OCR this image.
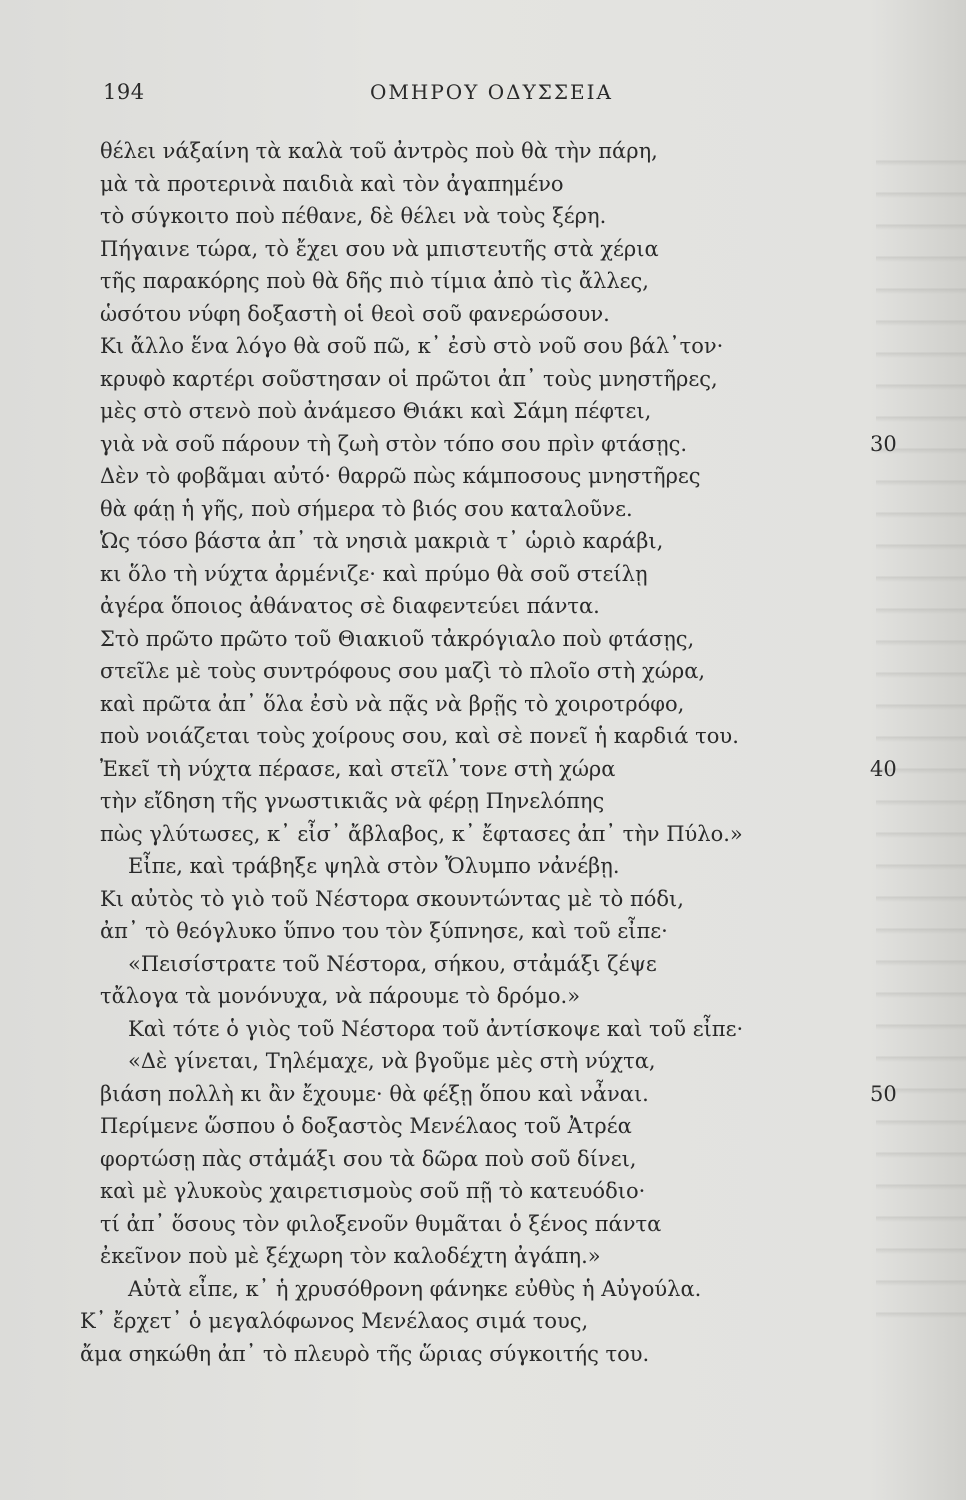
194	ΟΜΗΡΟΥ ΟΔΥΣΣΕΙΑ
θέλει νάξαίνη τὰ καλὰ τοῦ ἀντρὸς ποὺ θὰ τὴν πάρη,
μὰ τὰ προτερινὰ παιδιὰ καὶ τὸν ἀγαπημένο
τὸ σύγκοιτο ποὺ πέθανε, δὲ θέλει νὰ τοὺς ξέρη.
Πήγαινε τώρα, τὸ ἔχει σου νὰ μπιστευτῆς στὰ χέρια
τῆς παρακόρης ποὺ θὰ δῆς πιὸ τίμια ἀπὸ τὶς ἄλλες,
ὡσότου νύφη δοξαστὴ οἱ θεοὶ σοῦ φανερώσουν.
Κι ἄλλο ἕνα λόγο θὰ σοῦ πῶ, κ᾿ ἐσὺ στὸ νοῦ σου βάλ᾿τον·
κρυφὸ καρτέρι σοῦστησαν οἱ πρῶτοι ἀπ᾿ τοὺς μνηστῆρες,
μὲς στὸ στενὸ ποὺ ἀνάμεσο Θιάκι καὶ Σάμη πέφτει,
γιὰ νὰ σοῦ πάρουν τὴ ζωὴ στὸν τόπο σου πρὶν φτάσῃς.	30
Δὲν τὸ φοβᾶμαι αὐτό· θαρρῶ πὼς κάμποσους μνηστῆρες
θὰ φάῃ ἡ γῆς, ποὺ σήμερα τὸ βιός σου καταλοῦνε.
Ὡς τόσο βάστα ἀπ᾿ τὰ νησιὰ μακριὰ τ᾿ ὡριὸ καράβι,
κι ὅλο τὴ νύχτα ἀρμένιζε· καὶ πρύμο θὰ σοῦ στείλῃ
ἀγέρα ὅποιος ἀθάνατος σὲ διαφεντεύει πάντα.
Στὸ πρῶτο πρῶτο τοῦ Θιακιοῦ τἀκρόγιαλο ποὺ φτάσῃς,
στεῖλε μὲ τοὺς συντρόφους σου μαζὶ τὸ πλοῖο στὴ χώρα,
καὶ πρῶτα ἀπ᾿ ὅλα ἐσὺ νὰ πᾷς νὰ βρῇς τὸ χοιροτρόφο,
ποὺ νοιάζεται τοὺς χοίρους σου, καὶ σὲ πονεῖ ἡ καρδιά του.
Ἐκεῖ τὴ νύχτα πέρασε, καὶ στεῖλ᾿τονε στὴ χώρα	40
τὴν εἴδηση τῆς γνωστικιᾶς νὰ φέρῃ Πηνελόπης
πὼς γλύτωσες, κ᾿ εἶσ᾿ ἄβλαβος, κ᾿ ἔφτασες ἀπ᾿ τὴν Πύλο.»
Εἶπε, καὶ τράβηξε ψηλὰ στὸν Ὄλυμπο νἀνέβῃ.
Κι αὐτὸς τὸ γιὸ τοῦ Νέστορα σκουντώντας μὲ τὸ πόδι,
ἀπ᾿ τὸ θεόγλυκο ὕπνο του τὸν ξύπνησε, καὶ τοῦ εἶπε·
«Πεισίστρατε τοῦ Νέστορα, σήκου, στἀμάξι ζέψε
τἄλογα τὰ μονόνυχα, νὰ πάρουμε τὸ δρόμο.»
Καὶ τότε ὁ γιὸς τοῦ Νέστορα τοῦ ἀντίσκοψε καὶ τοῦ εἶπε·
«Δὲ γίνεται, Τηλέμαχε, νὰ βγοῦμε μὲς στὴ νύχτα,
βιάση πολλὴ κι ἂν ἔχουμε· θὰ φέξῃ ὅπου καὶ νἆναι.	50
Περίμενε ὥσπου ὁ δοξαστὸς Μενέλαος τοῦ Ἀτρέα
φορτώσῃ πὰς στἀμάξι σου τὰ δῶρα ποὺ σοῦ δίνει,
καὶ μὲ γλυκοὺς χαιρετισμοὺς σοῦ πῇ τὸ κατευόδιο·
τί ἀπ᾿ ὅσους τὸν φιλοξενοῦν θυμᾶται ὁ ξένος πάντα
ἐκεῖνον ποὺ μὲ ξέχωρη τὸν καλοδέχτη ἀγάπη.»
Αὐτὰ εἶπε, κ᾿ ἡ χρυσόθρονη φάνηκε εὐθὺς ἡ Αὐγούλα.
Κ᾿ ἔρχετ᾿ ὁ μεγαλόφωνος Μενέλαος σιμά τους,
ἄμα σηκώθη ἀπ᾿ τὸ πλευρὸ τῆς ὥριας σύγκοιτής του.
